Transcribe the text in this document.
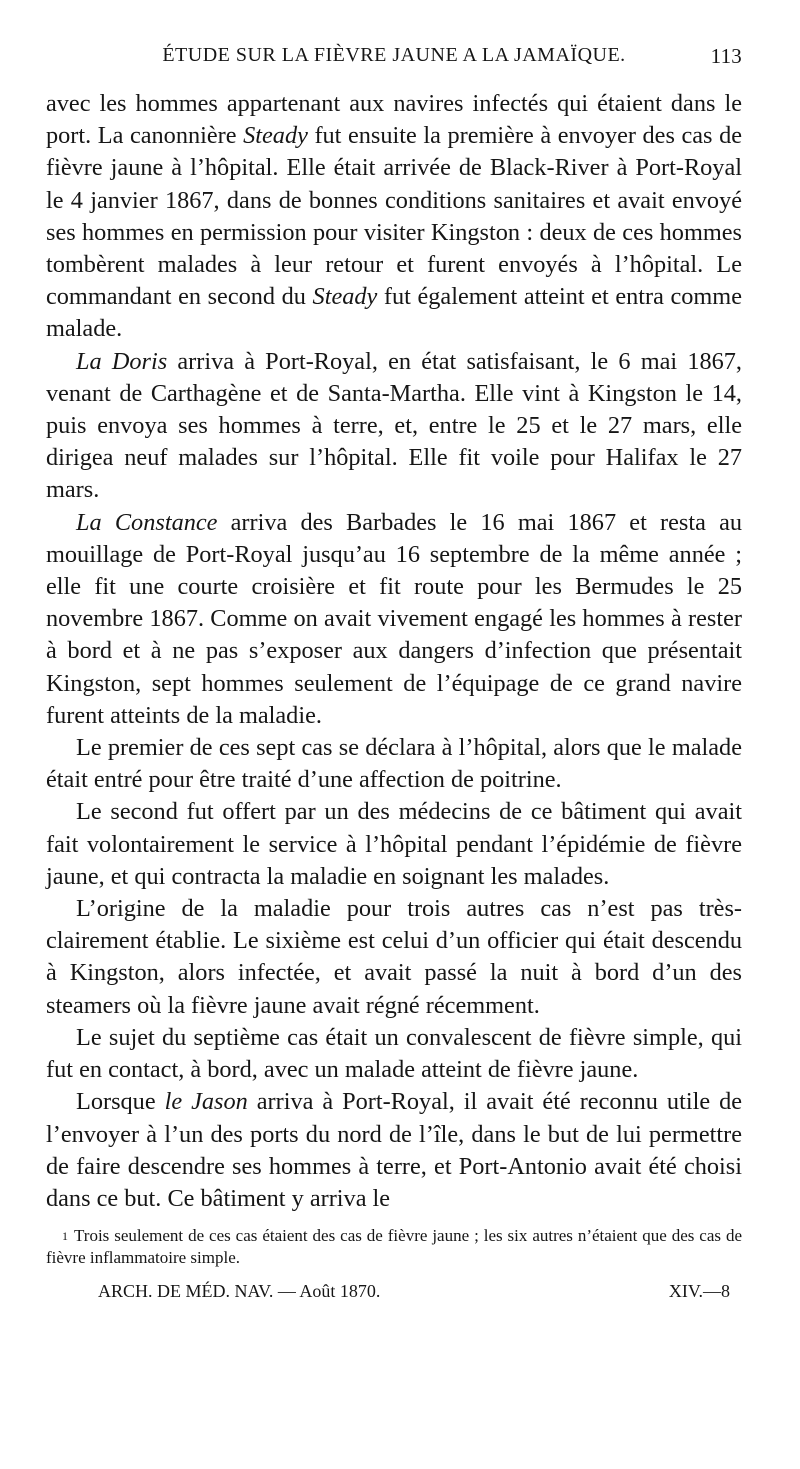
ÉTUDE SUR LA FIÈVRE JAUNE A LA JAMAÏQUE.	113

avec les hommes appartenant aux navires infectés qui étaient dans le port. La canonnière Steady fut ensuite la première à envoyer des cas de fièvre jaune à l’hôpital. Elle était arrivée de Black-River à Port-Royal le 4 janvier 1867, dans de bonnes conditions sanitaires et avait envoyé ses hommes en permission pour visiter Kingston : deux de ces hommes tombèrent malades à leur retour et furent envoyés à l’hôpital. Le commandant en second du Steady fut également atteint et entra comme malade.

La Doris arriva à Port-Royal, en état satisfaisant, le 6 mai 1867, venant de Carthagène et de Santa-Martha. Elle vint à Kingston le 14, puis envoya ses hommes à terre, et, entre le 25 et le 27 mars, elle dirigea neuf malades sur l’hôpital. Elle fit voile pour Halifax le 27 mars.

La Constance arriva des Barbades le 16 mai 1867 et resta au mouillage de Port-Royal jusqu’au 16 septembre de la même année ; elle fit une courte croisière et fit route pour les Bermudes le 25 novembre 1867. Comme on avait vivement engagé les hommes à rester à bord et à ne pas s’exposer aux dangers d’infection que présentait Kingston, sept hommes seulement de l’équipage de ce grand navire furent atteints de la maladie.

Le premier de ces sept cas se déclara à l’hôpital, alors que le malade était entré pour être traité d’une affection de poitrine.

Le second fut offert par un des médecins de ce bâtiment qui avait fait volontairement le service à l’hôpital pendant l’épidémie de fièvre jaune, et qui contracta la maladie en soignant les malades.

L’origine de la maladie pour trois autres cas n’est pas très-clairement établie. Le sixième est celui d’un officier qui était descendu à Kingston, alors infectée, et avait passé la nuit à bord d’un des steamers où la fièvre jaune avait régné récemment.

Le sujet du septième cas était un convalescent de fièvre simple, qui fut en contact, à bord, avec un malade atteint de fièvre jaune.

Lorsque le Jason arriva à Port-Royal, il avait été reconnu utile de l’envoyer à l’un des ports du nord de l’île, dans le but de lui permettre de faire descendre ses hommes à terre, et Port-Antonio avait été choisi dans ce but. Ce bâtiment y arriva le

$^1$ Trois seulement de ces cas étaient des cas de fièvre jaune ; les six autres n’étaient que des cas de fièvre inflammatoire simple.
ARCH. DE MÉD. NAV. — Août 1870.	XIV.—8
